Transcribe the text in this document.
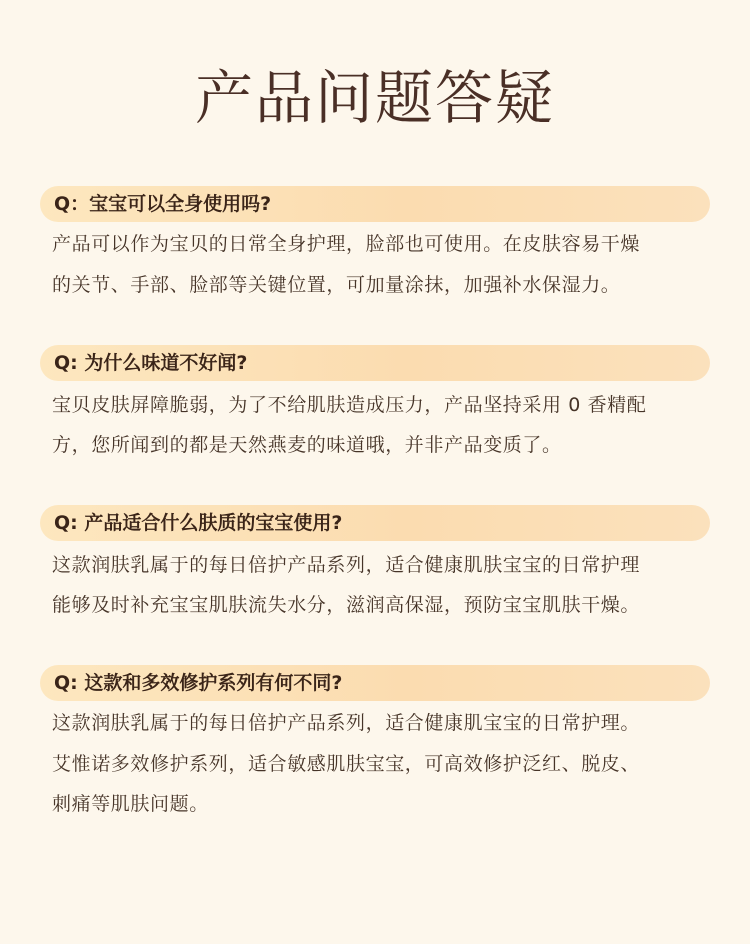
产品问题答疑
Q：宝宝可以全身使用吗?
产品可以作为宝贝的日常全身护理，脸部也可使用。在皮肤容易干燥
的关节、手部、脸部等关键位置，可加量涂抹，加强补水保湿力。
Q: 为什么味道不好闻?
宝贝皮肤屏障脆弱，为了不给肌肤造成压力，产品坚持采用 0 香精配
方，您所闻到的都是天然燕麦的味道哦，并非产品变质了。
Q: 产品适合什么肤质的宝宝使用?
这款润肤乳属于的每日倍护产品系列，适合健康肌肤宝宝的日常护理
能够及时补充宝宝肌肤流失水分，滋润高保湿，预防宝宝肌肤干燥。
Q: 这款和多效修护系列有何不同?
这款润肤乳属于的每日倍护产品系列，适合健康肌宝宝的日常护理。
艾惟诺多效修护系列，适合敏感肌肤宝宝，可高效修护泛红、脱皮、
刺痛等肌肤问题。
